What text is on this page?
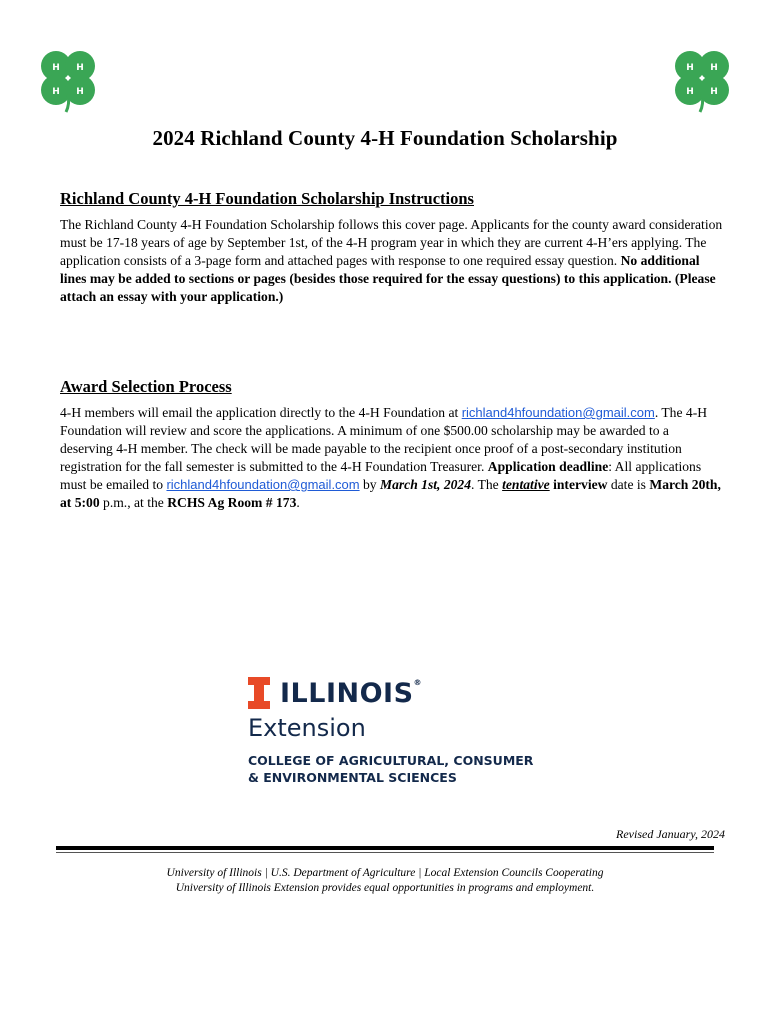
H H
H H
H H
H H
2024 Richland County 4-H Foundation Scholarship
Richland County 4-H Foundation Scholarship Instructions
The Richland County 4-H Foundation Scholarship follows this cover page. Applicants for the county award consideration must be 17-18 years of age by September 1st, of the 4-H program year in which they are current 4-H’ers applying. The application consists of a 3-page form and attached pages with response to one required essay question. No additional lines may be added to sections or pages (besides those required for the essay questions) to this application. (Please attach an essay with your application.)
Award Selection Process
4-H members will email the application directly to the 4-H Foundation at richland4hfoundation@gmail.com. The 4-H Foundation will review and score the applications. A minimum of one $500.00 scholarship may be awarded to a deserving 4-H member. The check will be made payable to the recipient once proof of a post-secondary institution registration for the fall semester is submitted to the 4-H Foundation Treasurer. Application deadline: All applications must be emailed to richland4hfoundation@gmail.com by March 1st, 2024. The tentative interview date is March 20th, at 5:00 p.m., at the RCHS Ag Room # 173.
ILLINOIS®
Extension
COLLEGE OF AGRICULTURAL, CONSUMER
& ENVIRONMENTAL SCIENCES
Revised January, 2024
University of Illinois | U.S. Department of Agriculture | Local Extension Councils Cooperating
University of Illinois Extension provides equal opportunities in programs and employment.
